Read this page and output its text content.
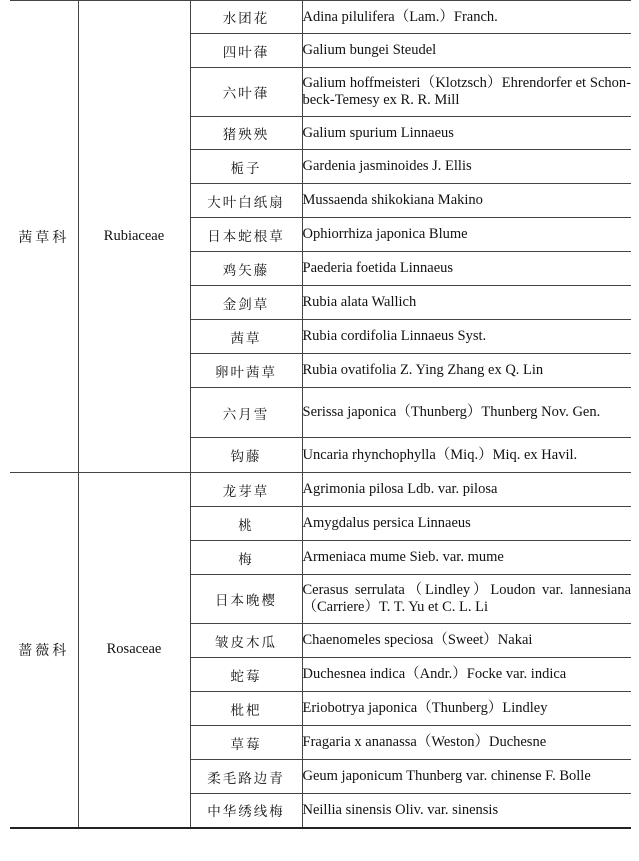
茜草科	Rubiaceae	水团花	Adina pilulifera（Lam.）Franch.
		四叶葎	Galium bungei Steudel
		六叶葎	Galium hoffmeisteri（Klotzsch）Ehrendorfer et Schon-beck-Temesy ex R. R. Mill
		猪殃殃	Galium spurium Linnaeus
		栀子	Gardenia jasminoides J. Ellis
		大叶白纸扇	Mussaenda shikokiana Makino
		日本蛇根草	Ophiorrhiza japonica Blume
		鸡矢藤	Paederia foetida Linnaeus
		金剑草	Rubia alata Wallich
		茜草	Rubia cordifolia Linnaeus Syst.
		卵叶茜草	Rubia ovatifolia Z. Ying Zhang ex Q. Lin
		六月雪	Serissa japonica（Thunberg）Thunberg Nov. Gen.
		钩藤	Uncaria rhynchophylla（Miq.）Miq. ex Havil.
蔷薇科	Rosaceae	龙芽草	Agrimonia pilosa Ldb. var. pilosa
		桃	Amygdalus persica Linnaeus
		梅	Armeniaca mume Sieb. var. mume
		日本晚樱	Cerasus serrulata（Lindley）Loudon var. lannesiana（Carriere）T. T. Yu et C. L. Li
		皱皮木瓜	Chaenomeles speciosa（Sweet）Nakai
		蛇莓	Duchesnea indica（Andr.）Focke var. indica
		枇杷	Eriobotrya japonica（Thunberg）Lindley
		草莓	Fragaria x ananassa（Weston）Duchesne
		柔毛路边青	Geum japonicum Thunberg var. chinense F. Bolle
		中华绣线梅	Neillia sinensis Oliv. var. sinensis
